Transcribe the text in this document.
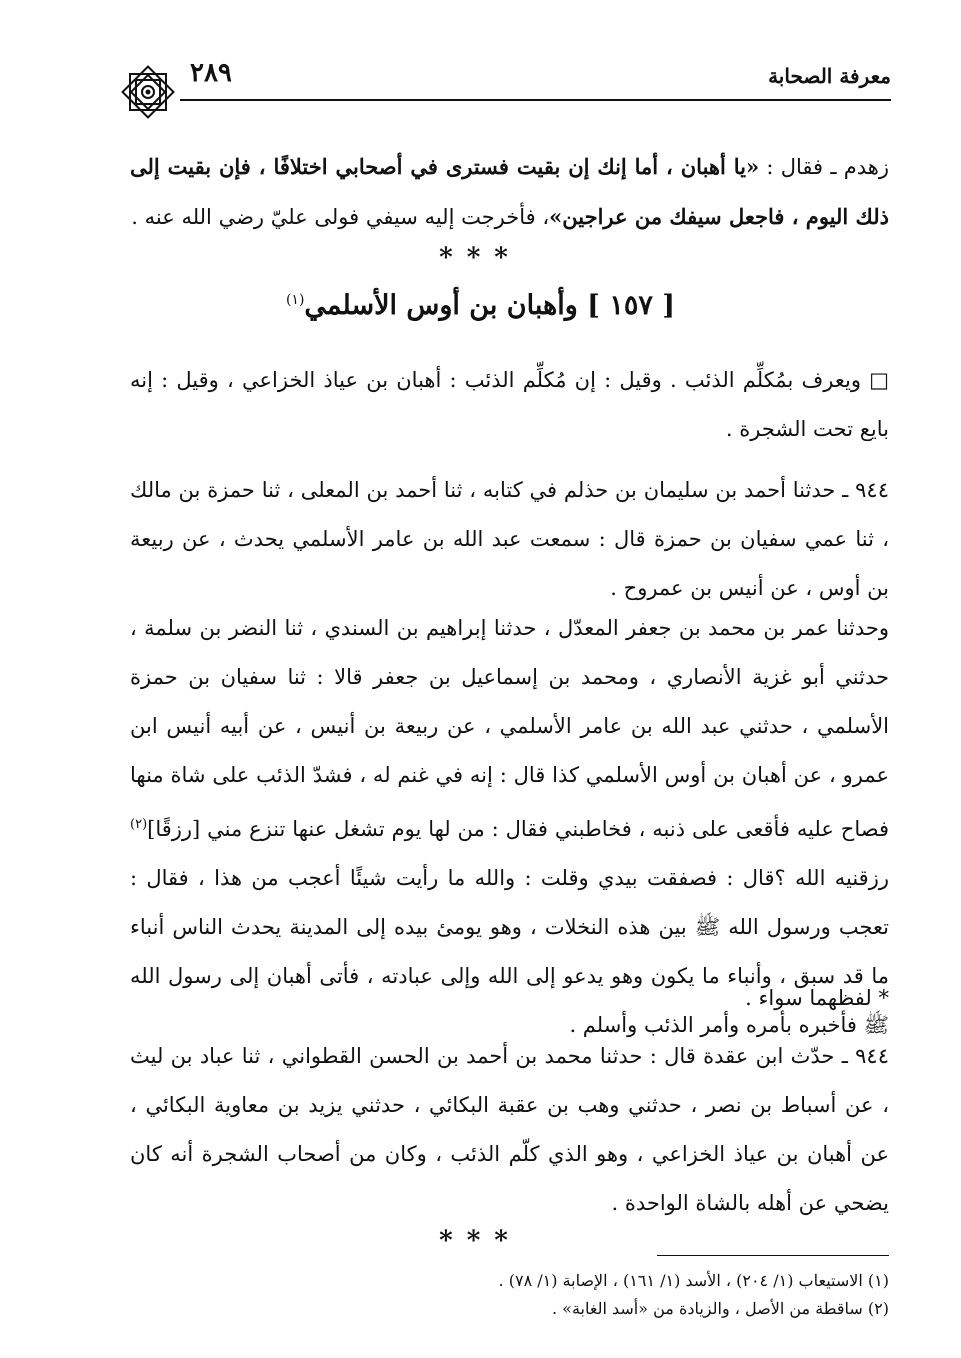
معرفة الصحابة
٢٨٩
زهدم ـ فقال : «يا أهبان ، أما إنك إن بقيت فسترى في أصحابي اختلافًا ، فإن بقيت إلى ذلك اليوم ، فاجعل سيفك من عراجين»، فأخرجت إليه سيفي فولى عليّ رضي الله عنه .
***
[ ١٥٧ ] وأهبان بن أوس الأسلمي$^{(١)}$
□ ويعرف بمُكلِّم الذئب . وقيل : إن مُكلِّم الذئب : أهبان بن عياذ الخزاعي ، وقيل : إنه بايع تحت الشجرة .
٩٤٤ ـ حدثنا أحمد بن سليمان بن حذلم في كتابه ، ثنا أحمد بن المعلى ، ثنا حمزة بن مالك ، ثنا عمي سفيان بن حمزة قال : سمعت عبد الله بن عامر الأسلمي يحدث ، عن ربيعة بن أوس ، عن أنيس بن عمروح .
وحدثنا عمر بن محمد بن جعفر المعدّل ، حدثنا إبراهيم بن السندي ، ثنا النضر بن سلمة ، حدثني أبو غزية الأنصاري ، ومحمد بن إسماعيل بن جعفر قالا : ثنا سفيان بن حمزة الأسلمي ، حدثني عبد الله بن عامر الأسلمي ، عن ربيعة بن أنيس ، عن أبيه أنيس ابن عمرو ، عن أهبان بن أوس الأسلمي كذا قال : إنه في غنم له ، فشدّ الذئب على شاة منها فصاح عليه فأقعى على ذنبه ، فخاطبني فقال : من لها يوم تشغل عنها تنزع مني [رزقًا]$^{(٢)}$ رزقنيه الله ؟قال : فصفقت بيدي وقلت : والله ما رأيت شيئًا أعجب من هذا ، فقال : تعجب ورسول الله ﷺ بين هذه النخلات ، وهو يومئ بيده إلى المدينة يحدث الناس أنباء ما قد سبق ، وأنباء ما يكون وهو يدعو إلى الله وإلى عبادته ، فأتى أهبان إلى رسول الله ﷺ فأخبره بأمره وأمر الذئب وأسلم .
* لفظهما سواء .
٩٤٤ ـ حدّث ابن عقدة قال : حدثنا محمد بن أحمد بن الحسن القطواني ، ثنا عباد بن ليث ، عن أسباط بن نصر ، حدثني وهب بن عقبة البكائي ، حدثني يزيد بن معاوية البكائي ، عن أهبان بن عياذ الخزاعي ، وهو الذي كلّم الذئب ، وكان من أصحاب الشجرة أنه كان يضحي عن أهله بالشاة الواحدة .
***
(١) الاستيعاب (١/ ٢٠٤) ، الأسد (١/ ١٦١) ، الإصابة (١/ ٧٨) .
(٢) ساقطة من الأصل ، والزيادة من «أسد الغابة» .
